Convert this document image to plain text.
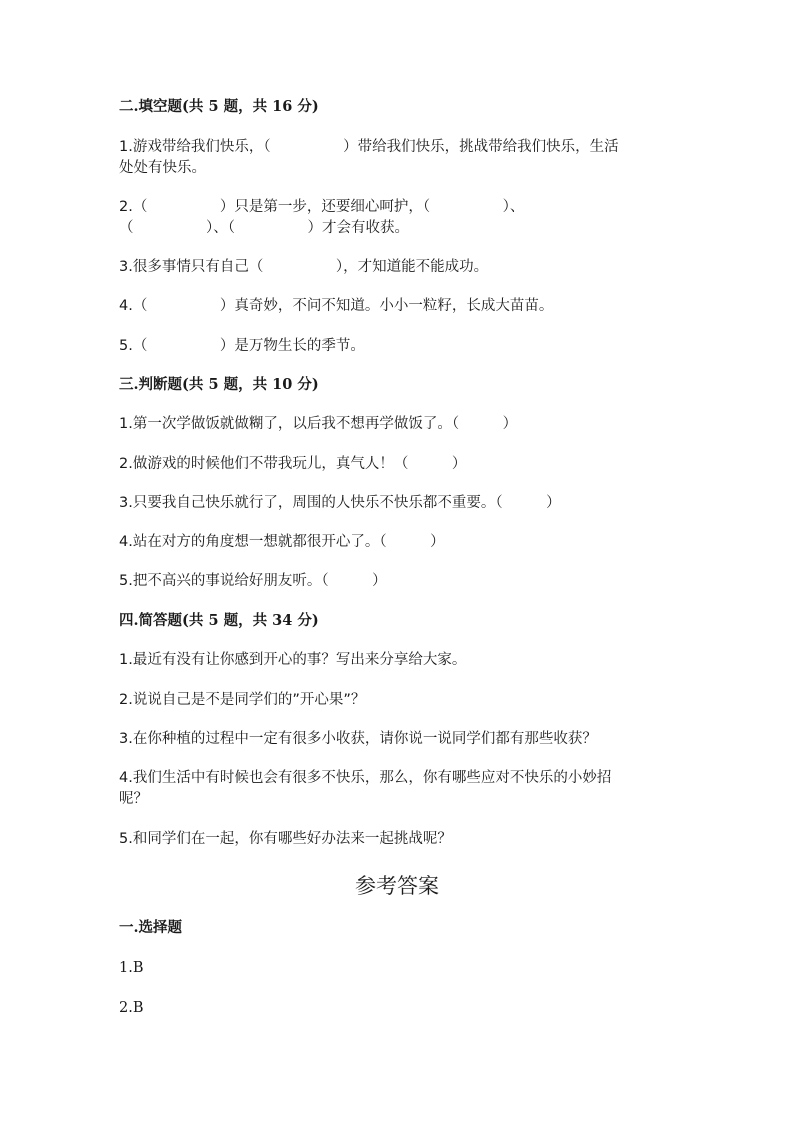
二.填空题(共 5 题，共 16 分)
1.游戏带给我们快乐，（　　　　　）带给我们快乐，挑战带给我们快乐，生活
处处有快乐。
2.（　　　　　）只是第一步，还要细心呵护，（　　　　　）、
（　　　　　）、（　　　　　）才会有收获。
3.很多事情只有自己（　　　　　），才知道能不能成功。
4.（　　　　　）真奇妙，不问不知道。小小一粒籽，长成大苗苗。
5.（　　　　　）是万物生长的季节。
三.判断题(共 5 题，共 10 分)
1.第一次学做饭就做糊了，以后我不想再学做饭了。（　　　）
2.做游戏的时候他们不带我玩儿，真气人！（　　　）
3.只要我自己快乐就行了，周围的人快乐不快乐都不重要。（　　　）
4.站在对方的角度想一想就都很开心了。（　　　）
5.把不高兴的事说给好朋友听。（　　　）
四.简答题(共 5 题，共 34 分)
1.最近有没有让你感到开心的事？写出来分享给大家。
2.说说自己是不是同学们的”开心果”？
3.在你种植的过程中一定有很多小收获，请你说一说同学们都有那些收获？
4.我们生活中有时候也会有很多不快乐，那么，你有哪些应对不快乐的小妙招
呢？
5.和同学们在一起，你有哪些好办法来一起挑战呢？
参考答案
一.选择题
1.B
2.B
